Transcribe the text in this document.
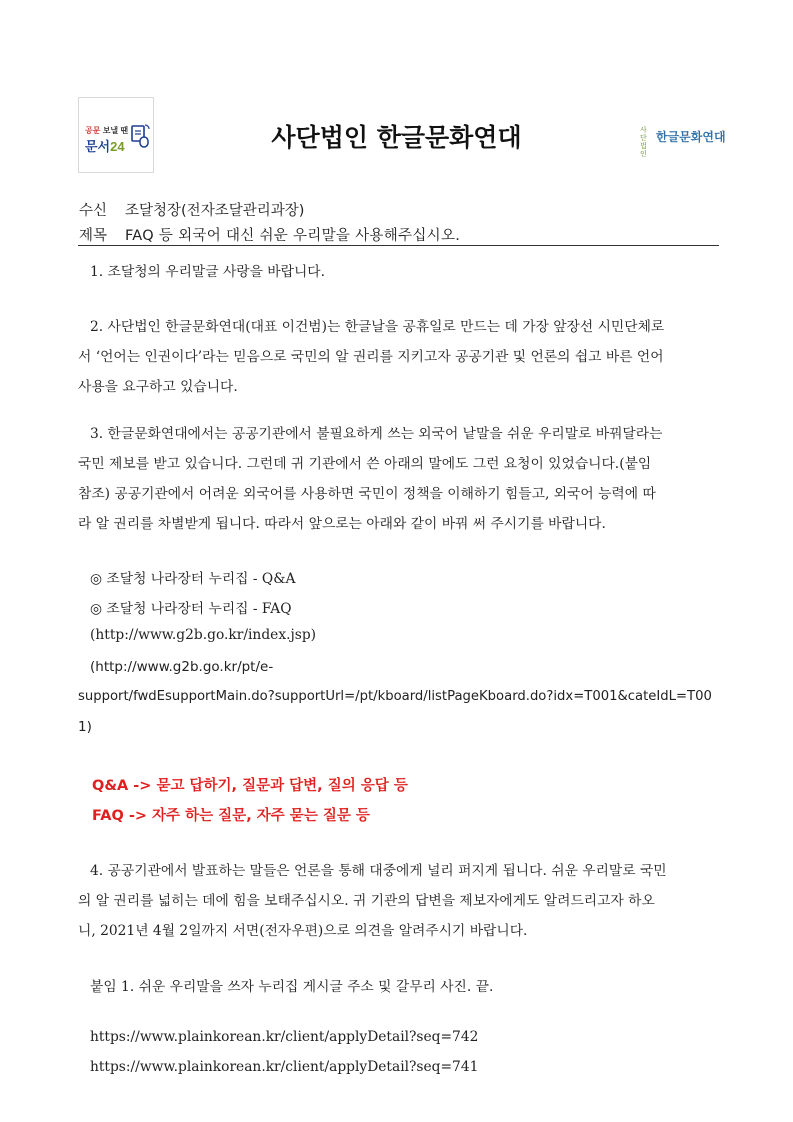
공문 보낼 땐
문서24	사단법인 한글문화연대	사단법인
한글문화연대
수신 조달청장(전자조달관리과장)
제목 FAQ 등 외국어 대신 쉬운 우리말을 사용해주십시오.
1. 조달청의 우리말글 사랑을 바랍니다.
2. 사단법인 한글문화연대(대표 이건범)는 한글날을 공휴일로 만드는 데 가장 앞장선 시민단체로
서 ‘언어는 인권이다’라는 믿음으로 국민의 알 권리를 지키고자 공공기관 및 언론의 쉽고 바른 언어
사용을 요구하고 있습니다.
3. 한글문화연대에서는 공공기관에서 불필요하게 쓰는 외국어 낱말을 쉬운 우리말로 바꿔달라는
국민 제보를 받고 있습니다. 그런데 귀 기관에서 쓴 아래의 말에도 그런 요청이 있었습니다.(붙임
참조) 공공기관에서 어려운 외국어를 사용하면 국민이 정책을 이해하기 힘들고, 외국어 능력에 따
라 알 권리를 차별받게 됩니다. 따라서 앞으로는 아래와 같이 바꿔 써 주시기를 바랍니다.
◎ 조달청 나라장터 누리집 - Q&A
◎ 조달청 나라장터 누리집 - FAQ
(http://www.g2b.go.kr/index.jsp)
(http://www.g2b.go.kr/pt/e-
support/fwdEsupportMain.do?supportUrl=/pt/kboard/listPageKboard.do?idx=T001&cateIdL=T00
1)
Q&A -> 묻고 답하기, 질문과 답변, 질의 응답 등
FAQ -> 자주 하는 질문, 자주 묻는 질문 등
4. 공공기관에서 발표하는 말들은 언론을 통해 대중에게 널리 퍼지게 됩니다. 쉬운 우리말로 국민
의 알 권리를 넓히는 데에 힘을 보태주십시오. 귀 기관의 답변을 제보자에게도 알려드리고자 하오
니, 2021년 4월 2일까지 서면(전자우편)으로 의견을 알려주시기 바랍니다.
붙임 1. 쉬운 우리말을 쓰자 누리집 게시글 주소 및 갈무리 사진. 끝.
https://www.plainkorean.kr/client/applyDetail?seq=742
https://www.plainkorean.kr/client/applyDetail?seq=741
